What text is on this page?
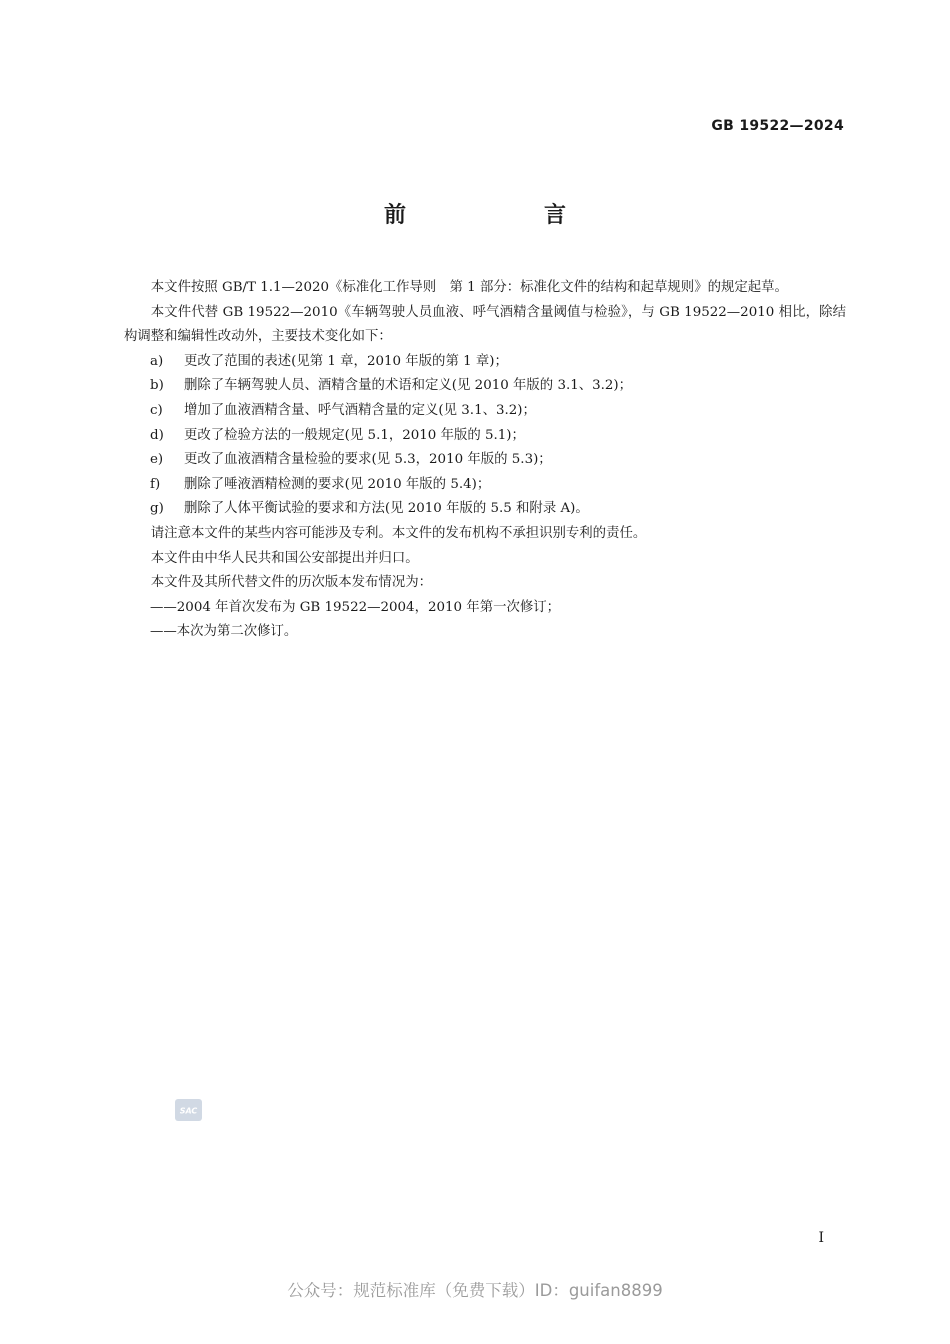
GB 19522—2024
前　言

本文件按照 GB/T 1.1—2020《标准化工作导则　第 1 部分：标准化文件的结构和起草规则》的规定起草。

本文件代替 GB 19522—2010《车辆驾驶人员血液、呼气酒精含量阈值与检验》，与 GB 19522—2010 相比，除结构调整和编辑性改动外，主要技术变化如下：

a)	更改了范围的表述(见第 1 章，2010 年版的第 1 章)；
b)	删除了车辆驾驶人员、酒精含量的术语和定义(见 2010 年版的 3.1、3.2)；
c)	增加了血液酒精含量、呼气酒精含量的定义(见 3.1、3.2)；
d)	更改了检验方法的一般规定(见 5.1，2010 年版的 5.1)；
e)	更改了血液酒精含量检验的要求(见 5.3，2010 年版的 5.3)；
f)	删除了唾液酒精检测的要求(见 2010 年版的 5.4)；
g)	删除了人体平衡试验的要求和方法(见 2010 年版的 5.5 和附录 A)。

请注意本文件的某些内容可能涉及专利。本文件的发布机构不承担识别专利的责任。

本文件由中华人民共和国公安部提出并归口。

本文件及其所代替文件的历次版本发布情况为：

——2004 年首次发布为 GB 19522—2004，2010 年第一次修订；

——本次为第二次修订。

SAC
I
公众号：规范标准库（免费下载）ID：guifan8899
